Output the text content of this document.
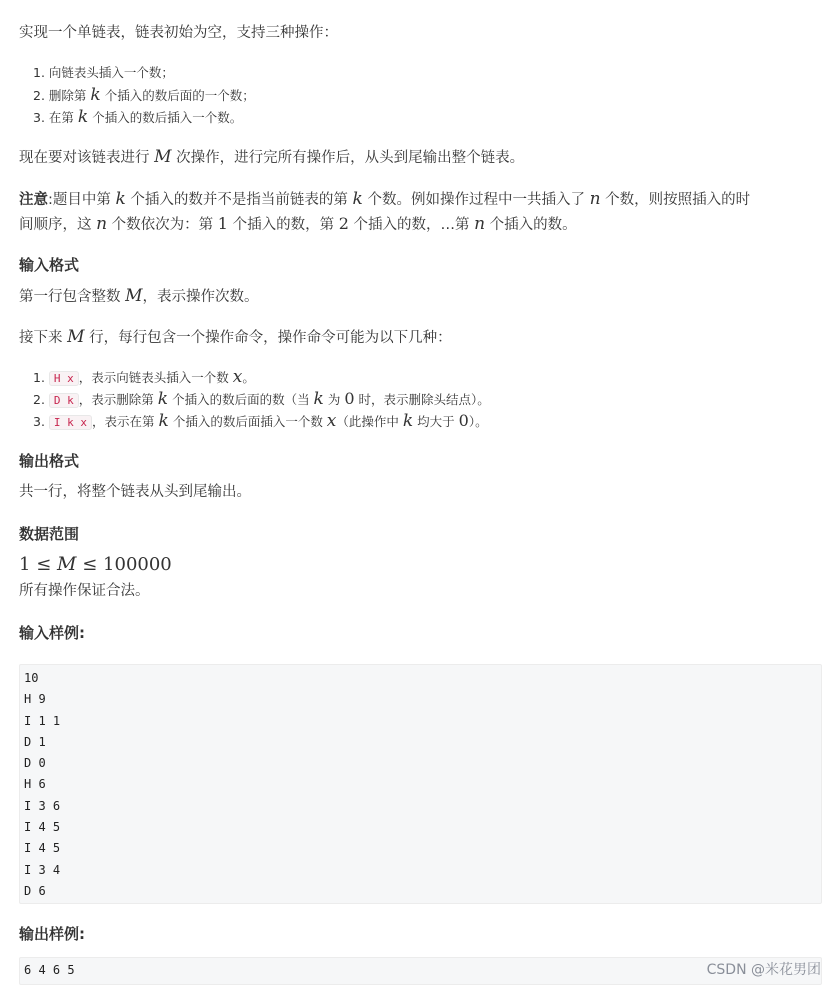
实现一个单链表，链表初始为空，支持三种操作：
1. 向链表头插入一个数；
2. 删除第 k 个插入的数后面的一个数；
3. 在第 k 个插入的数后插入一个数。
现在要对该链表进行 M 次操作，进行完所有操作后，从头到尾输出整个链表。
注意:题目中第 k 个插入的数并不是指当前链表的第 k 个数。例如操作过程中一共插入了 n 个数，则按照插入的时
间顺序，这 n 个数依次为：第 1 个插入的数，第 2 个插入的数，…第 n 个插入的数。
输入格式
第一行包含整数 M，表示操作次数。
接下来 M 行，每行包含一个操作命令，操作命令可能为以下几种：
1. H x ，表示向链表头插入一个数 x。
2. D k ，表示删除第 k 个插入的数后面的数（当 k 为 0 时，表示删除头结点）。
3. I k x ，表示在第 k 个插入的数后面插入一个数 x（此操作中 k 均大于 0）。
输出格式
共一行，将整个链表从头到尾输出。
数据范围
1 ≤ M ≤ 100000
所有操作保证合法。
输入样例:
10
H 9
I 1 1
D 1
D 0
H 6
I 3 6
I 4 5
I 4 5
I 3 4
D 6
输出样例:
6 4 6 5	CSDN @米花男团
